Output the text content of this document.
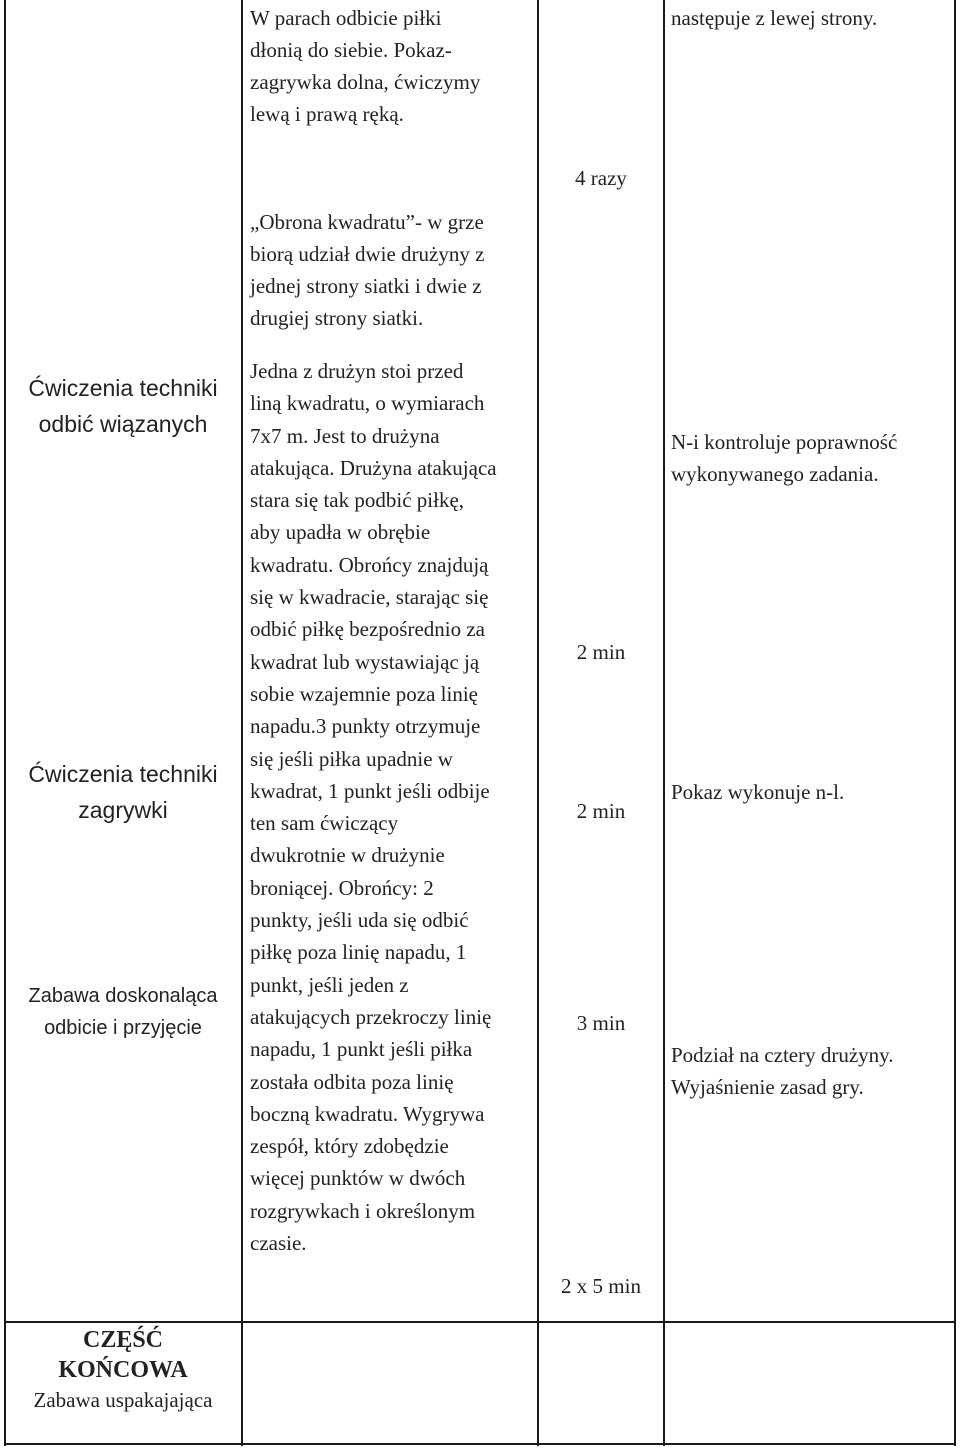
Ćwiczenia techniki
odbić wiązanych
Ćwiczenia techniki
zagrywki
Zabawa doskonaląca
odbicie i przyjęcie
W parach odbicie piłki
dłonią do siebie. Pokaz-
zagrywka dolna, ćwiczymy
lewą i prawą ręką.
„Obrona kwadratu”- w grze
biorą udział dwie drużyny z
jednej strony siatki i dwie z
drugiej strony siatki.
Jedna z drużyn stoi przed
liną kwadratu, o wymiarach
7x7 m. Jest to drużyna
atakująca. Drużyna atakująca
stara się tak podbić piłkę,
aby upadła w obrębie
kwadratu. Obrońcy znajdują
się w kwadracie, starając się
odbić piłkę bezpośrednio za
kwadrat lub wystawiając ją
sobie wzajemnie poza linię
napadu.3 punkty otrzymuje
się jeśli piłka upadnie w
kwadrat, 1 punkt jeśli odbije
ten sam ćwiczący
dwukrotnie w drużynie
broniącej. Obrońcy: 2
punkty, jeśli uda się odbić
piłkę poza linię napadu, 1
punkt, jeśli jeden z
atakujących przekroczy linię
napadu, 1 punkt jeśli piłka
została odbita poza linię
boczną kwadratu. Wygrywa
zespół, który zdobędzie
więcej punktów w dwóch
rozgrywkach i określonym
czasie.
4 razy
2 min
2 min
3 min
2 x 5 min
następuje z lewej strony.
N-i kontroluje poprawność
wykonywanego zadania.
Pokaz wykonuje n-l.
Podział na cztery drużyny.
Wyjaśnienie zasad gry.
CZĘŚĆ
KOŃCOWA
Zabawa uspakajająca
